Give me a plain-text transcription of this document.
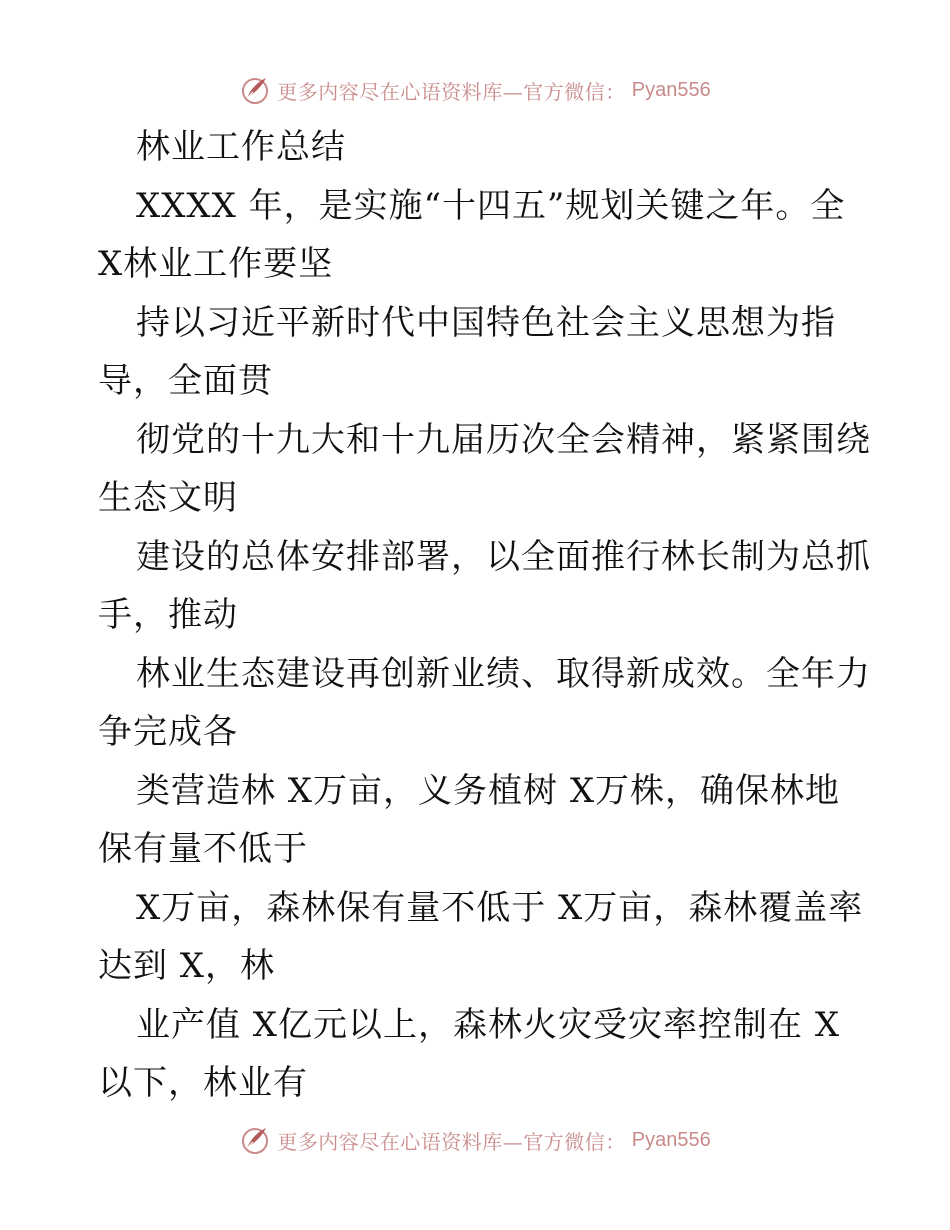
更多内容尽在心语资料库—官方微信： Pyan556
林业工作总结
XXXX 年，是实施“十四五”规划关键之年。全
X林业工作要坚
持以习近平新时代中国特色社会主义思想为指
导，全面贯
彻党的十九大和十九届历次全会精神，紧紧围绕
生态文明
建设的总体安排部署，以全面推行林长制为总抓
手，推动
林业生态建设再创新业绩、取得新成效。全年力
争完成各
类营造林 X万亩，义务植树 X万株，确保林地
保有量不低于
X万亩，森林保有量不低于 X万亩，森林覆盖率
达到 X，林
业产值 X亿元以上，森林火灾受灾率控制在 X
以下，林业有
更多内容尽在心语资料库—官方微信： Pyan556
